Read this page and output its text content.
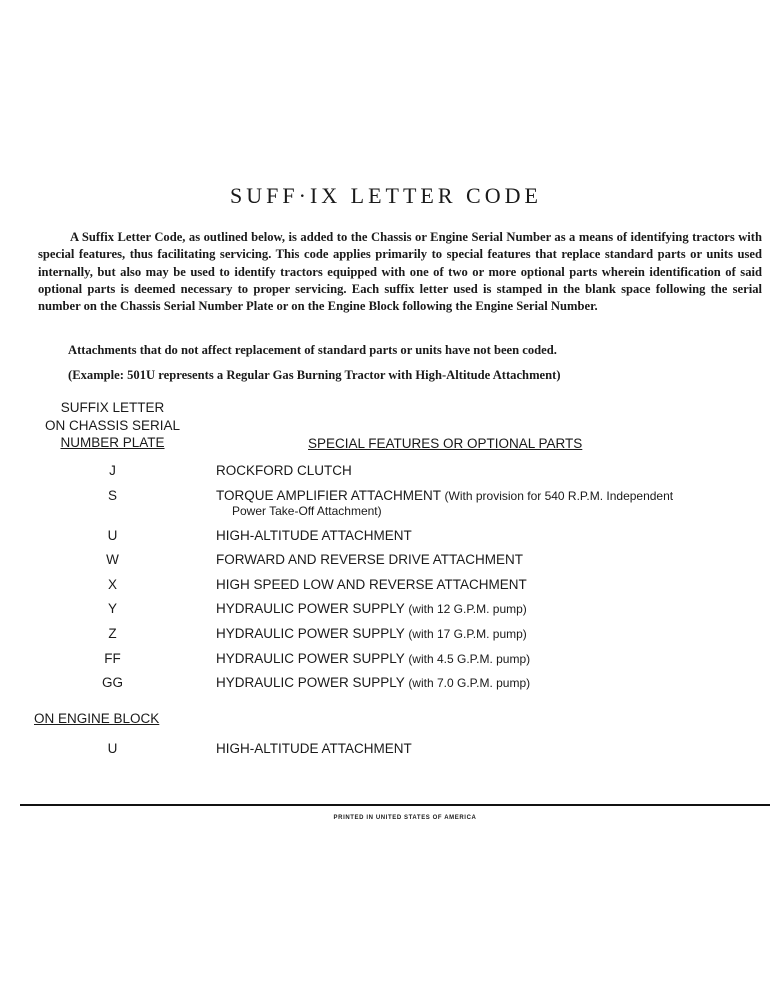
SUFF·IX LETTER CODE

A Suffix Letter Code, as outlined below, is added to the Chassis or Engine Serial Number as a means of identifying tractors with special features, thus facilitating servicing. This code applies primarily to special features that replace standard parts or units used internally, but also may be used to identify tractors equipped with one of two or more optional parts wherein identification of said optional parts is deemed necessary to proper servicing. Each suffix letter used is stamped in the blank space following the serial number on the Chassis Serial Number Plate or on the Engine Block following the Engine Serial Number.

Attachments that do not affect replacement of standard parts or units have not been coded.

(Example: 501U represents a Regular Gas Burning Tractor with High-Altitude Attachment)

SUFFIX LETTER
ON CHASSIS SERIAL
NUMBER PLATE	SPECIAL FEATURES OR OPTIONAL PARTS
J	ROCKFORD CLUTCH
S	TORQUE AMPLIFIER ATTACHMENT (With provision for 540 R.P.M. Independent
Power Take-Off Attachment)
U	HIGH-ALTITUDE ATTACHMENT
W	FORWARD AND REVERSE DRIVE ATTACHMENT
X	HIGH SPEED LOW AND REVERSE ATTACHMENT
Y	HYDRAULIC POWER SUPPLY (with 12 G.P.M. pump)
Z	HYDRAULIC POWER SUPPLY (with 17 G.P.M. pump)
FF	HYDRAULIC POWER SUPPLY (with 4.5 G.P.M. pump)
GG	HYDRAULIC POWER SUPPLY (with 7.0 G.P.M. pump)
ON ENGINE BLOCK
U	HIGH-ALTITUDE ATTACHMENT
PRINTED IN UNITED STATES OF AMERICA
